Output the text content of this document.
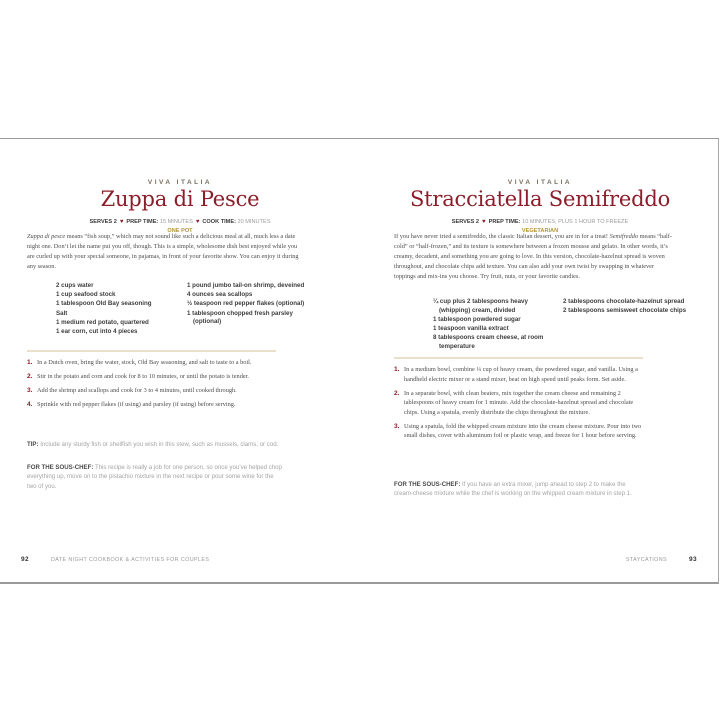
VIVA ITALIA
Zuppa di Pesce
SERVES 2 ♥ PREP TIME: 15 MINUTES ♥ COOK TIME: 20 MINUTES
ONE POT
Zuppa di pesce means “fish soup,” which may not sound like such a delicious meal at all, much less a date night one. Don’t let the name put you off, though. This is a simple, wholesome dish best enjoyed while you are curled up with your special someone, in pajamas, in front of your favorite show. You can enjoy it during any season.
2 cups water
1 cup seafood stock
1 tablespoon Old Bay seasoning
Salt
1 medium red potato, quartered
1 ear corn, cut into 4 pieces
1 pound jumbo tail-on shrimp, deveined
4 ounces sea scallops
½ teaspoon red pepper flakes (optional)
1 tablespoon chopped fresh parsley (optional)
1. In a Dutch oven, bring the water, stock, Old Bay seasoning, and salt to taste to a boil.
2. Stir in the potato and corn and cook for 8 to 10 minutes, or until the potato is tender.
3. Add the shrimp and scallops and cook for 3 to 4 minutes, until cooked through.
4. Sprinkle with red pepper flakes (if using) and parsley (if using) before serving.
TIP: Include any sturdy fish or shellfish you wish in this stew, such as mussels, clams, or cod.
FOR THE SOUS-CHEF: This recipe is really a job for one person, so once you’ve helped chop everything up, move on to the pistachio mixture in the next recipe or pour some wine for the two of you.
92	DATE NIGHT COOKBOOK & ACTIVITIES FOR COUPLES
VIVA ITALIA
Stracciatella Semifreddo
SERVES 2 ♥ PREP TIME: 10 MINUTES, PLUS 1 HOUR TO FREEZE
VEGETARIAN
If you have never tried a semifreddo, the classic Italian dessert, you are in for a treat! Semifreddo means “half-cold” or “half-frozen,” and its texture is somewhere between a frozen mousse and gelato. In other words, it’s creamy, decadent, and something you are going to love. In this version, chocolate-hazelnut spread is woven throughout, and chocolate chips add texture. You can also add your own twist by swapping in whatever toppings and mix-ins you choose. Try fruit, nuts, or your favorite candies.
¼ cup plus 2 tablespoons heavy (whipping) cream, divided
1 tablespoon powdered sugar
1 teaspoon vanilla extract
8 tablespoons cream cheese, at room temperature
2 tablespoons chocolate-hazelnut spread
2 tablespoons semisweet chocolate chips
1. In a medium bowl, combine ¼ cup of heavy cream, the powdered sugar, and vanilla. Using a handheld electric mixer or a stand mixer, beat on high speed until peaks form. Set aside.
2. In a separate bowl, with clean beaters, mix together the cream cheese and remaining 2 tablespoons of heavy cream for 1 minute. Add the chocolate-hazelnut spread and chocolate chips. Using a spatula, evenly distribute the chips throughout the mixture.
3. Using a spatula, fold the whipped cream mixture into the cream cheese mixture. Pour into two small dishes, cover with aluminum foil or plastic wrap, and freeze for 1 hour before serving.
FOR THE SOUS-CHEF: If you have an extra mixer, jump ahead to step 2 to make the cream-cheese mixture while the chef is working on the whipped cream mixture in step 1.
STAYCATIONS	93
